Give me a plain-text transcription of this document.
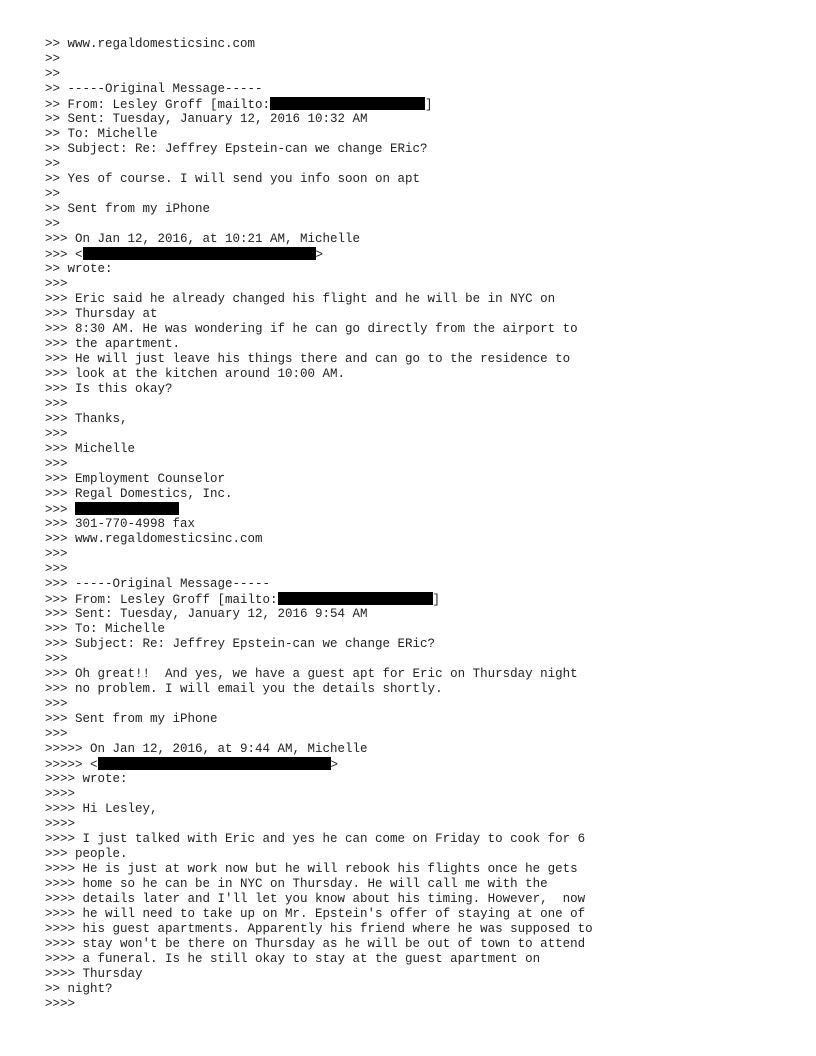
>> www.regaldomesticsinc.com
>>
>>
>> -----Original Message-----
>> From: Lesley Groff [mailto:	]
>> Sent: Tuesday, January 12, 2016 10:32 AM
>> To: Michelle
>> Subject: Re: Jeffrey Epstein-can we change ERic?
>>
>> Yes of course. I will send you info soon on apt
>>
>> Sent from my iPhone
>>
>>> On Jan 12, 2016, at 10:21 AM, Michelle
>>> <	>
>> wrote:
>>>
>>> Eric said he already changed his flight and he will be in NYC on
>>> Thursday at
>>> 8:30 AM. He was wondering if he can go directly from the airport to
>>> the apartment.
>>> He will just leave his things there and can go to the residence to
>>> look at the kitchen around 10:00 AM.
>>> Is this okay?
>>>
>>> Thanks,
>>>
>>> Michelle
>>>
>>> Employment Counselor
>>> Regal Domestics, Inc.
>>>
>>> 301-770-4998 fax
>>> www.regaldomesticsinc.com
>>>
>>>
>>> -----Original Message-----
>>> From: Lesley Groff [mailto:	]
>>> Sent: Tuesday, January 12, 2016 9:54 AM
>>> To: Michelle
>>> Subject: Re: Jeffrey Epstein-can we change ERic?
>>>
>>> Oh great!!  And yes, we have a guest apt for Eric on Thursday night
>>> no problem. I will email you the details shortly.
>>>
>>> Sent from my iPhone
>>>
>>>>> On Jan 12, 2016, at 9:44 AM, Michelle
>>>>> <	>
>>>> wrote:
>>>>
>>>> Hi Lesley,
>>>>
>>>> I just talked with Eric and yes he can come on Friday to cook for 6
>>> people.
>>>> He is just at work now but he will rebook his flights once he gets
>>>> home so he can be in NYC on Thursday. He will call me with the
>>>> details later and I'll let you know about his timing. However,  now
>>>> he will need to take up on Mr. Epstein's offer of staying at one of
>>>> his guest apartments. Apparently his friend where he was supposed to
>>>> stay won't be there on Thursday as he will be out of town to attend
>>>> a funeral. Is he still okay to stay at the guest apartment on
>>>> Thursday
>> night?
>>>>
